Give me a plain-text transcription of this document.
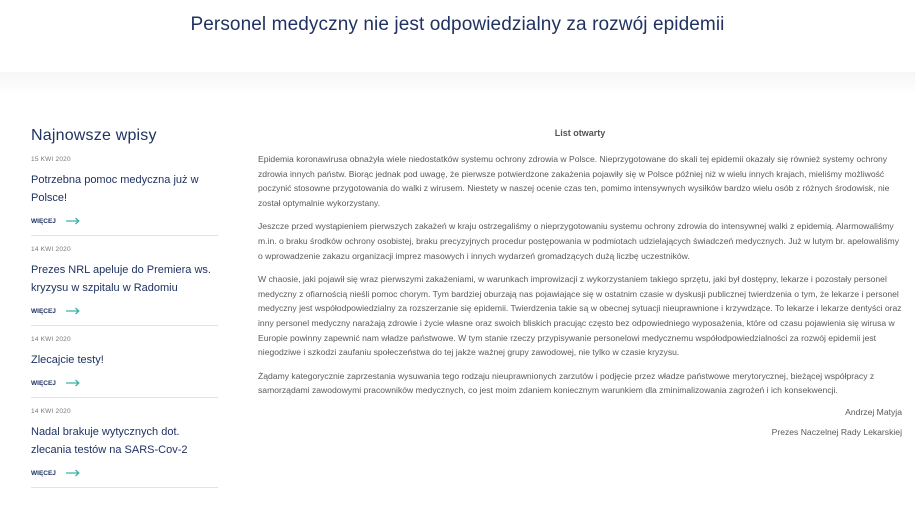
Personel medyczny nie jest odpowiedzialny za rozwój epidemii
Najnowsze wpisy
15 KWI 2020
Potrzebna pomoc medyczna już w Polsce!
WIĘCEJ
14 KWI 2020
Prezes NRL apeluje do Premiera ws. kryzysu w szpitalu w Radomiu
WIĘCEJ
14 KWI 2020
Zlecajcie testy!
WIĘCEJ
14 KWI 2020
Nadal brakuje wytycznych dot. zlecania testów na SARS-Cov-2
WIĘCEJ
List otwarty

Epidemia koronawirusa obnażyła wiele niedostatków systemu ochrony zdrowia w Polsce. Nieprzygotowane do skali tej epidemii okazały się również systemy ochrony zdrowia innych państw. Biorąc jednak pod uwagę, że pierwsze potwierdzone zakażenia pojawiły się w Polsce później niż w wielu innych krajach, mieliśmy możliwość poczynić stosowne przygotowania do walki z wirusem. Niestety w naszej ocenie czas ten, pomimo intensywnych wysiłków bardzo wielu osób z różnych środowisk, nie został optymalnie wykorzystany.

Jeszcze przed wystąpieniem pierwszych zakażeń w kraju ostrzegaliśmy o nieprzygotowaniu systemu ochrony zdrowia do intensywnej walki z epidemią. Alarmowaliśmy m.in. o braku środków ochrony osobistej, braku precyzyjnych procedur postępowania w podmiotach udzielających świadczeń medycznych. Już w lutym br. apelowaliśmy o wprowadzenie zakazu organizacji imprez masowych i innych wydarzeń gromadzących dużą liczbę uczestników.

W chaosie, jaki pojawił się wraz pierwszymi zakażeniami, w warunkach improwizacji z wykorzystaniem takiego sprzętu, jaki był dostępny, lekarze i pozostały personel medyczny z ofiarnością nieśli pomoc chorym. Tym bardziej oburzają nas pojawiające się w ostatnim czasie w dyskusji publicznej twierdzenia o tym, że lekarze i personel medyczny jest współodpowiedzialny za rozszerzanie się epidemii. Twierdzenia takie są w obecnej sytuacji nieuprawnione i krzywdzące. To lekarze i lekarze dentyści oraz inny personel medyczny narażają zdrowie i życie własne oraz swoich bliskich pracując często bez odpowiedniego wyposażenia, które od czasu pojawienia się wirusa w Europie powinny zapewnić nam władze państwowe. W tym stanie rzeczy przypisywanie personelowi medycznemu współodpowiedzialności za rozwój epidemii jest niegodziwe i szkodzi zaufaniu społeczeństwa do tej jakże ważnej grupy zawodowej, nie tylko w czasie kryzysu.

Żądamy kategorycznie zaprzestania wysuwania tego rodzaju nieuprawnionych zarzutów i podjęcie przez władze państwowe merytorycznej, bieżącej współpracy z samorządami zawodowymi pracowników medycznych, co jest moim zdaniem koniecznym warunkiem dla zminimalizowania zagrożeń i ich konsekwencji.

Andrzej Matyja
Prezes Naczelnej Rady Lekarskiej
